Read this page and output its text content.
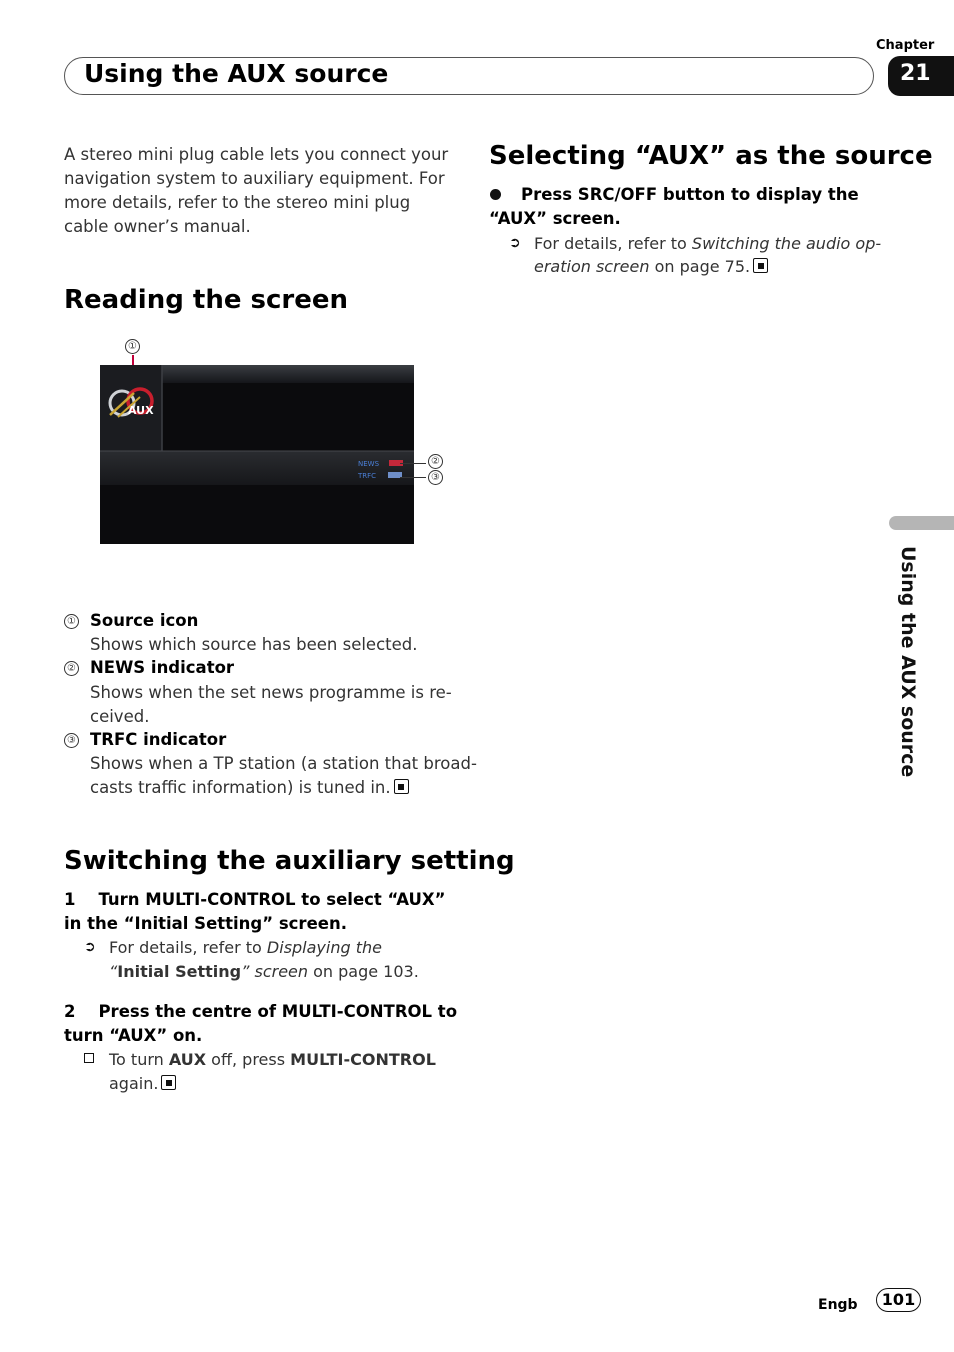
Chapter
Using the AUX source	21
A stereo mini plug cable lets you connect your navigation system to auxiliary equipment. For more details, refer to the stereo mini plug cable owner’s manual.
Reading the screen
①
AUX
NEWS
TRFC
②
③
① Source icon
Shows which source has been selected.
② NEWS indicator
Shows when the set news programme is re-
ceived.
③ TRFC indicator
Shows when a TP station (a station that broad-
casts traffic information) is tuned in.
Switching the auxiliary setting
1    Turn MULTI-CONTROL to select “AUX”
in the “Initial Setting” screen.
➲ For details, refer to Displaying the
“Initial Setting” screen on page 103.
2    Press the centre of MULTI-CONTROL to
turn “AUX” on.
To turn AUX off, press MULTI-CONTROL
again.
Selecting “AUX” as the source
Press SRC/OFF button to display the
“AUX” screen.
➲ For details, refer to Switching the audio op-
eration screen on page 75.
Using the AUX source
Engb	101
